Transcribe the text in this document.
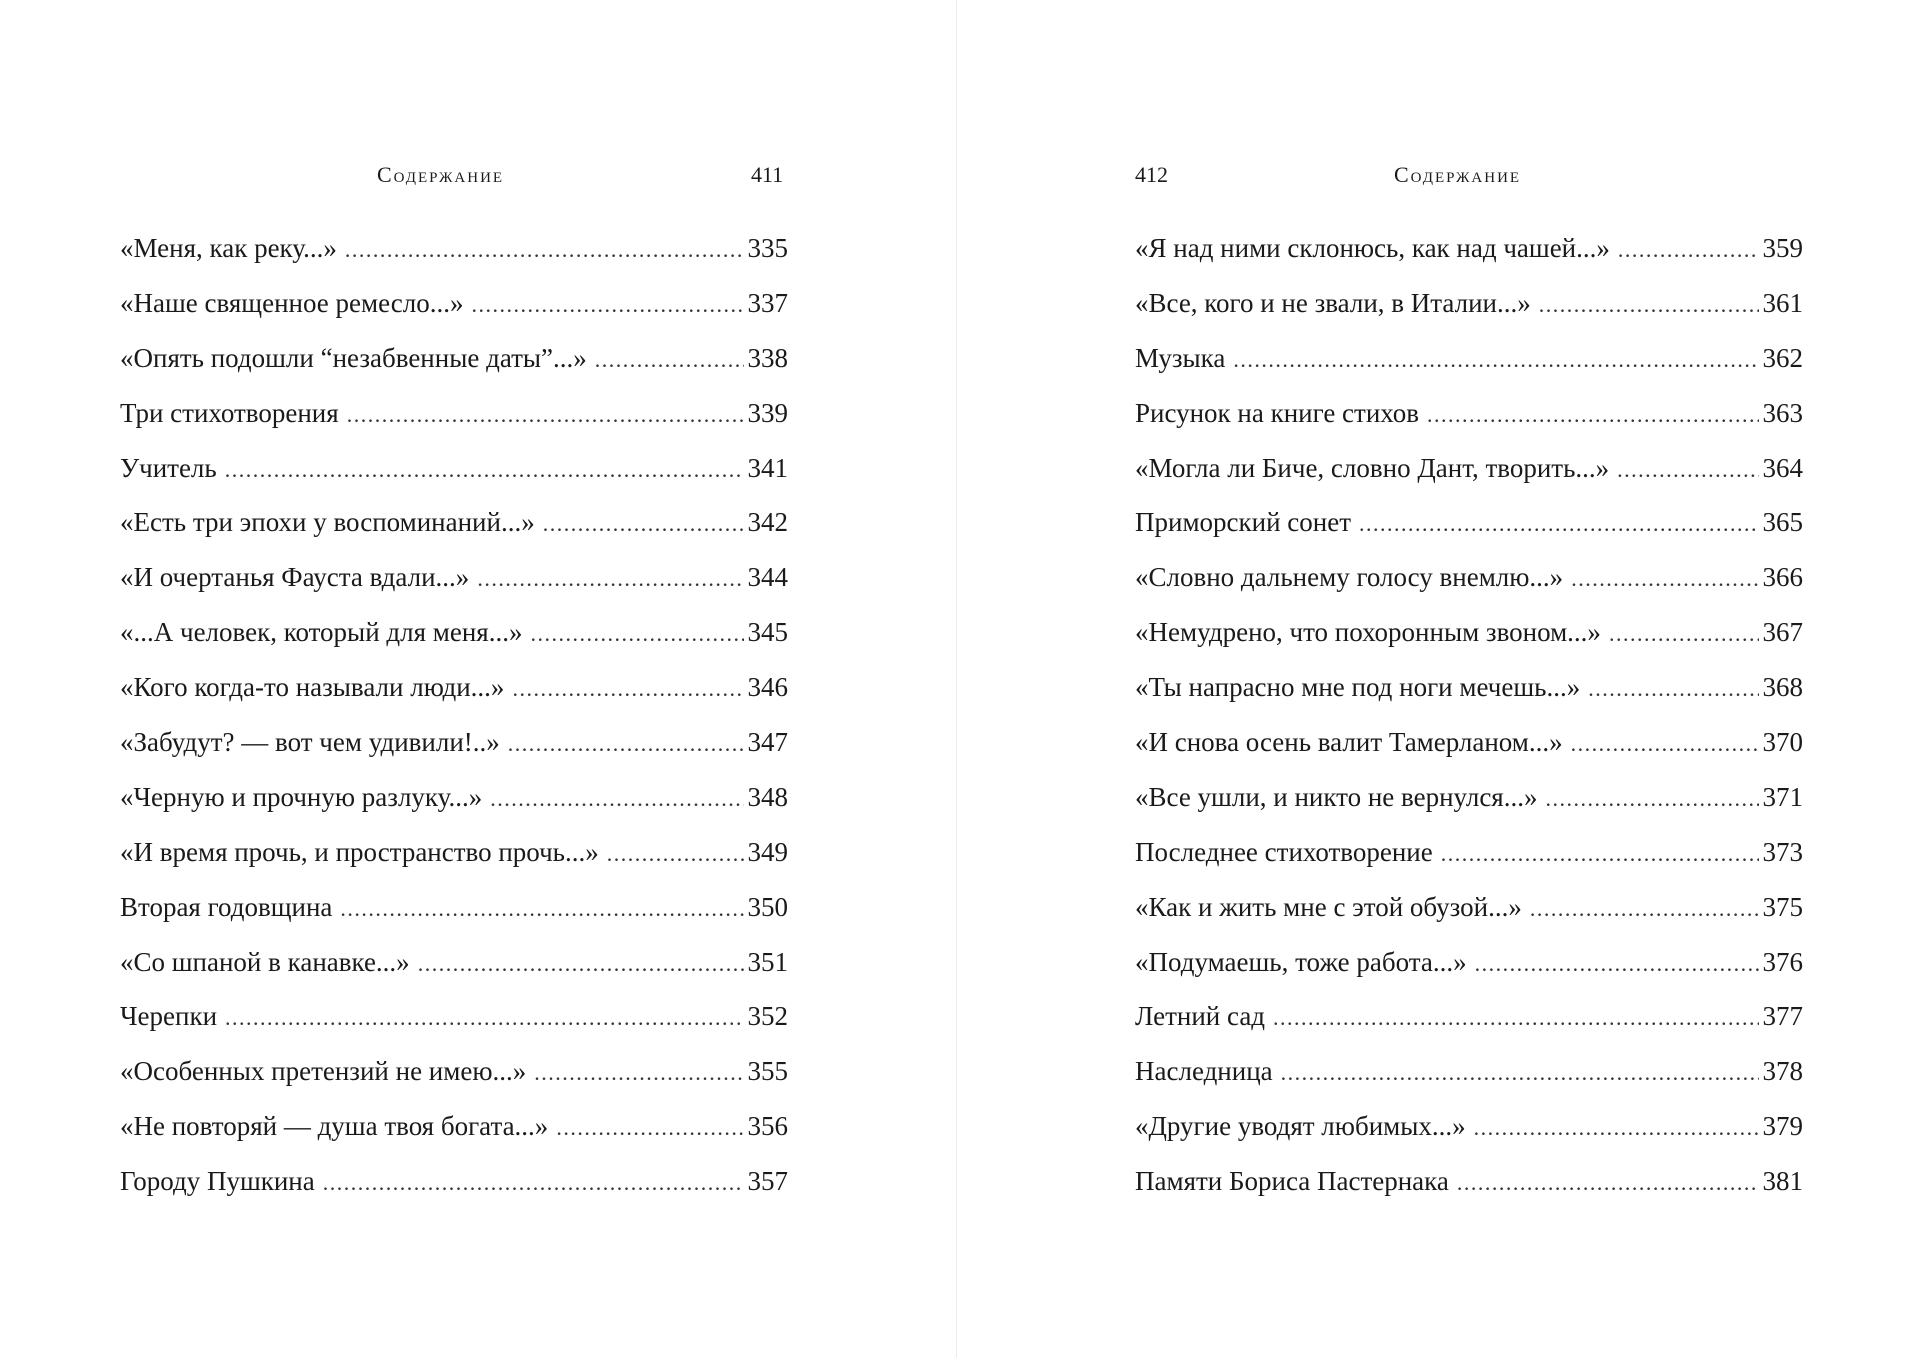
Содержание	411
«Меня, как реку...» . . .	335
«Наше священное ремесло...» . . .	337
«Опять подошли “незабвенные даты”...» . . .	338
Три стихотворения . . .	339
Учитель . . .	341
«Есть три эпохи у воспоминаний...» . . .	342
«И очертанья Фауста вдали...» . . .	344
«...А человек, который для меня...» . . .	345
«Кого когда-то называли люди...» . . .	346
«Забудут? — вот чем удивили!..» . . .	347
«Черную и прочную разлуку...» . . .	348
«И время прочь, и пространство прочь...» . . .	349
Вторая годовщина . . .	350
«Со шпаной в канавке...» . . .	351
Черепки . . .	352
«Особенных претензий не имею...» . . .	355
«Не повторяй — душа твоя богата...» . . .	356
Городу Пушкина . . .	357
412	Содержание
«Я над ними склонюсь, как над чашей...» . . .	359
«Все, кого и не звали, в Италии...» . . .	361
Музыка . . .	362
Рисунок на книге стихов . . .	363
«Могла ли Биче, словно Дант, творить...» . . .	364
Приморский сонет . . .	365
«Словно дальнему голосу внемлю...» . . .	366
«Немудрено, что похоронным звоном...» . . .	367
«Ты напрасно мне под ноги мечешь...» . . .	368
«И снова осень валит Тамерланом...» . . .	370
«Все ушли, и никто не вернулся...» . . .	371
Последнее стихотворение . . .	373
«Как и жить мне с этой обузой...» . . .	375
«Подумаешь, тоже работа...» . . .	376
Летний сад . . .	377
Наследница . . .	378
«Другие уводят любимых...» . . .	379
Памяти Бориса Пастернака . . .	381
